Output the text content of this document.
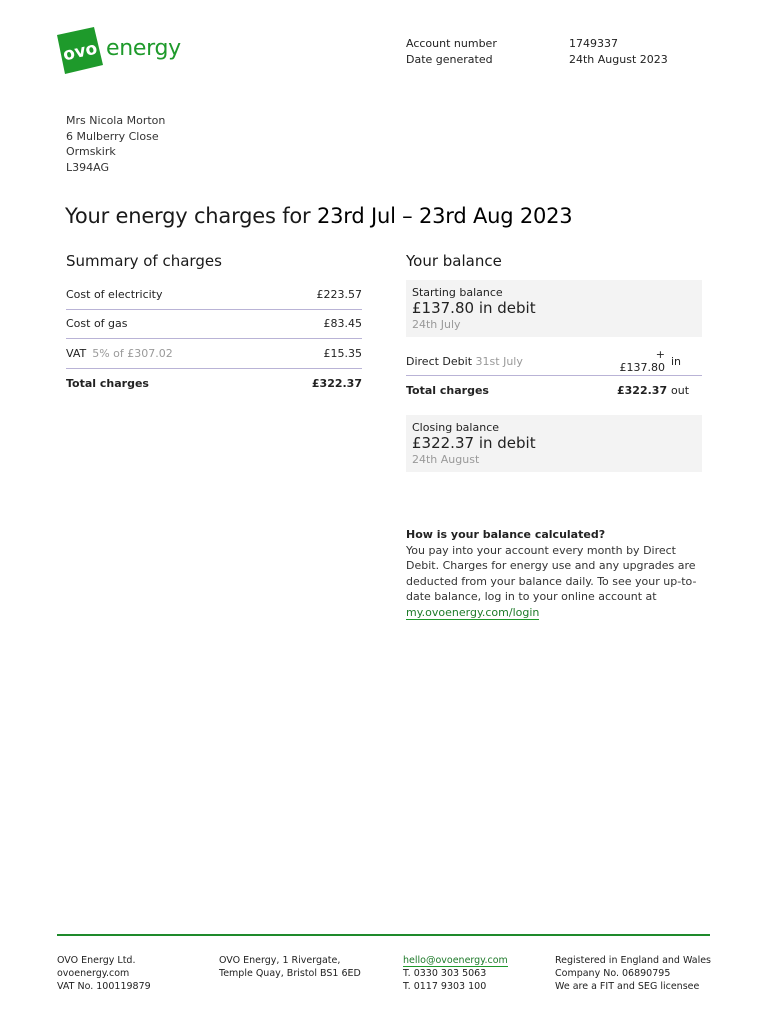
ovo energy	Account number	1749337
Date generated	24th August 2023
Mrs Nicola Morton
6 Mulberry Close
Ormskirk
L394AG
Your energy charges for 23rd Jul – 23rd Aug 2023
Summary of charges
Cost of electricity	£223.57
Cost of gas	£83.45
VAT 5% of £307.02	£15.35
Total charges	£322.37
Your balance
Starting balance
£137.80 in debit
24th July
Direct Debit 31st July	+£137.80 in
Total charges	£322.37 out
Closing balance
£322.37 in debit
24th August
How is your balance calculated?
You pay into your account every month by Direct Debit. Charges for energy use and any upgrades are deducted from your balance daily. To see your up-to-date balance, log in to your online account at my.ovoenergy.com/login
OVO Energy Ltd.
ovoenergy.com
VAT No. 100119879
OVO Energy, 1 Rivergate,
Temple Quay, Bristol BS1 6ED
hello@ovoenergy.com
T. 0330 303 5063
T. 0117 9303 100
Registered in England and Wales
Company No. 06890795
We are a FIT and SEG licensee
